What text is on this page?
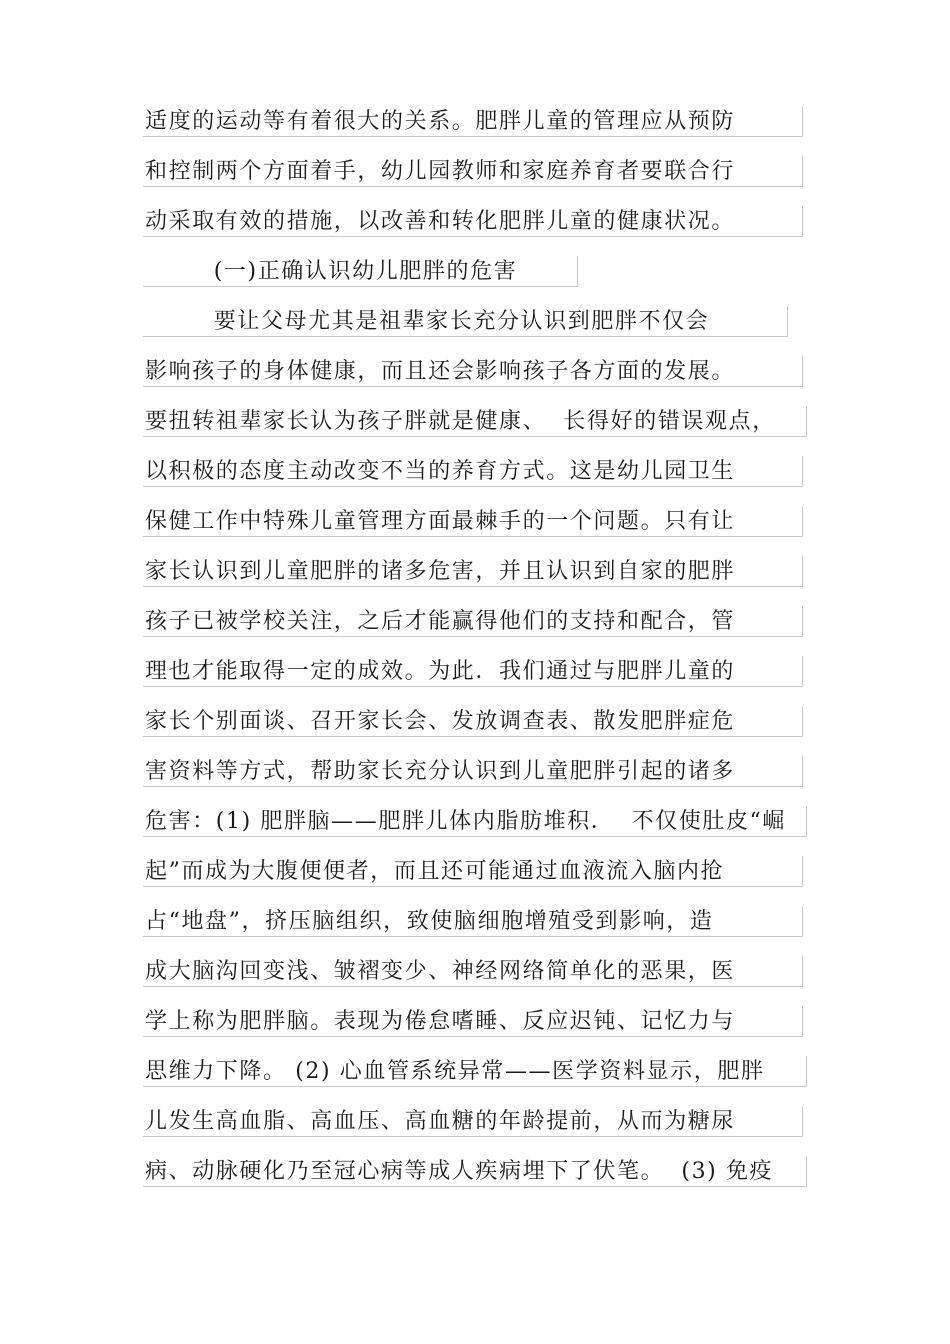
适度的运动等有着很大的关系。肥胖儿童的管理应从预防
和控制两个方面着手，幼儿园教师和家庭养育者要联合行
动采取有效的措施，以改善和转化肥胖儿童的健康状况。
(一)正确认识幼儿肥胖的危害
要让父母尤其是祖辈家长充分认识到肥胖不仅会
影响孩子的身体健康，而且还会影响孩子各方面的发展。
要扭转祖辈家长认为孩子胖就是健康、  长得好的错误观点，
以积极的态度主动改变不当的养育方式。这是幼儿园卫生
保健工作中特殊儿童管理方面最棘手的一个问题。只有让
家长认识到儿童肥胖的诸多危害，并且认识到自家的肥胖
孩子已被学校关注，之后才能赢得他们的支持和配合，管
理也才能取得一定的成效。为此．我们通过与肥胖儿童的
家长个别面谈、召开家长会、发放调查表、散发肥胖症危
害资料等方式，帮助家长充分认识到儿童肥胖引起的诸多
危害：(1) 肥胖脑——肥胖儿体内脂肪堆积．  不仅使肚皮“崛
起”而成为大腹便便者，而且还可能通过血液流入脑内抢
占“地盘”，挤压脑组织，致使脑细胞增殖受到影响，造
成大脑沟回变浅、皱褶变少、神经网络简单化的恶果，医
学上称为肥胖脑。表现为倦怠嗜睡、反应迟钝、记忆力与
思维力下降。 (2) 心血管系统异常——医学资料显示，肥胖
儿发生高血脂、高血压、高血糖的年龄提前，从而为糖尿
病、动脉硬化乃至冠心病等成人疾病埋下了伏笔。  (3) 免疫
